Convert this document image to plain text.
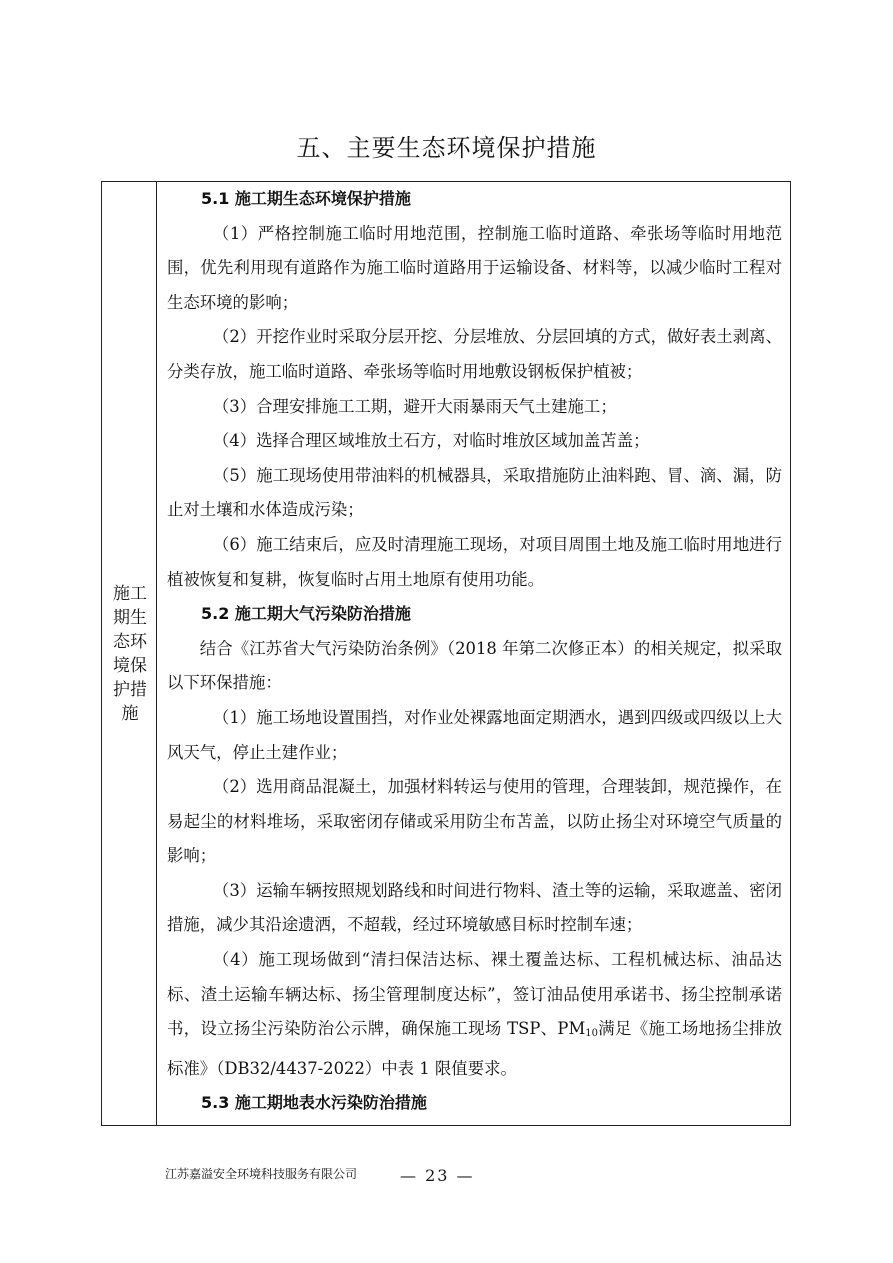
五、主要生态环境保护措施
施工期生态环境保护措施

5.1 施工期生态环境保护措施

（1）严格控制施工临时用地范围，控制施工临时道路、牵张场等临时用地范围，优先利用现有道路作为施工临时道路用于运输设备、材料等，以减少临时工程对生态环境的影响；

（2）开挖作业时采取分层开挖、分层堆放、分层回填的方式，做好表土剥离、分类存放，施工临时道路、牵张场等临时用地敷设钢板保护植被；

（3）合理安排施工工期，避开大雨暴雨天气土建施工；

（4）选择合理区域堆放土石方，对临时堆放区域加盖苫盖；

（5）施工现场使用带油料的机械器具，采取措施防止油料跑、冒、滴、漏，防止对土壤和水体造成污染；

（6）施工结束后，应及时清理施工现场，对项目周围土地及施工临时用地进行植被恢复和复耕，恢复临时占用土地原有使用功能。

5.2 施工期大气污染防治措施

结合《江苏省大气污染防治条例》（2018 年第二次修正本）的相关规定，拟采取以下环保措施：

（1）施工场地设置围挡，对作业处裸露地面定期洒水，遇到四级或四级以上大风天气，停止土建作业；

（2）选用商品混凝土，加强材料转运与使用的管理，合理装卸，规范操作，在易起尘的材料堆场，采取密闭存储或采用防尘布苫盖，以防止扬尘对环境空气质量的影响；

（3）运输车辆按照规划路线和时间进行物料、渣土等的运输，采取遮盖、密闭措施，减少其沿途遗洒，不超载，经过环境敏感目标时控制车速；

（4）施工现场做到“清扫保洁达标、裸土覆盖达标、工程机械达标、油品达标、渣土运输车辆达标、扬尘管理制度达标”，签订油品使用承诺书、扬尘控制承诺书，设立扬尘污染防治公示牌，确保施工现场 TSP、$PM_{10}$满足《施工场地扬尘排放标准》（DB32/4437-2022）中表 1 限值要求。

5.3 施工期地表水污染防治措施

江苏嘉溢安全环境科技服务有限公司	— 23 —
